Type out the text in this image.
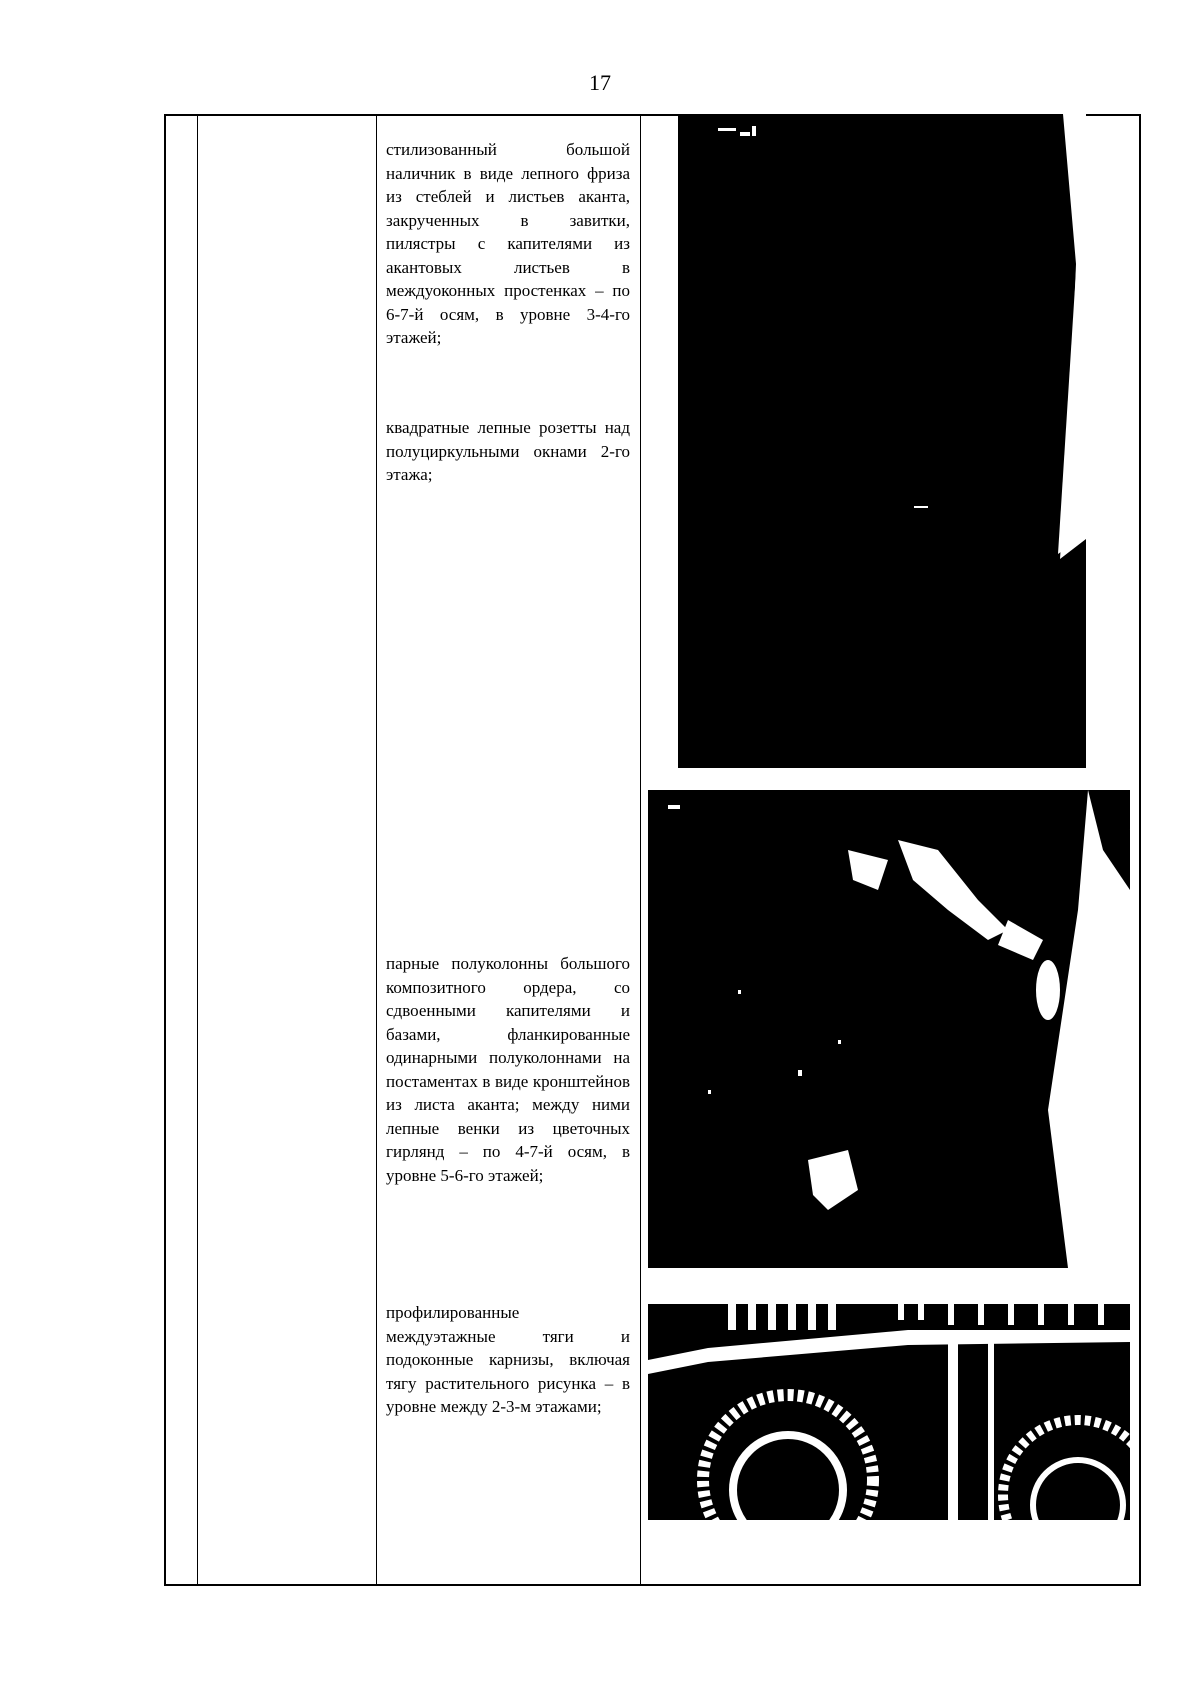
17
стилизованный большой наличник в виде лепного фриза из стеблей и листьев аканта, закрученных в завитки, пилястры с капителями из акантовых листьев в междуоконных простенках – по 6-7-й осям, в уровне 3-4-го этажей;
квадратные лепные розетты над полуциркульными окнами 2-го этажа;
парные полуколонны большого композитного ордера, со сдвоенными капителями и базами, фланкированные одинарными полуколоннами на постаментах в виде кронштейнов из листа аканта; между ними лепные венки из цветочных гирлянд – по 4-7-й осям, в уровне 5-6-го этажей;
профилированные междуэтажные тяги и подоконные карнизы, включая тягу растительного рисунка – в уровне между 2-3-м этажами;
